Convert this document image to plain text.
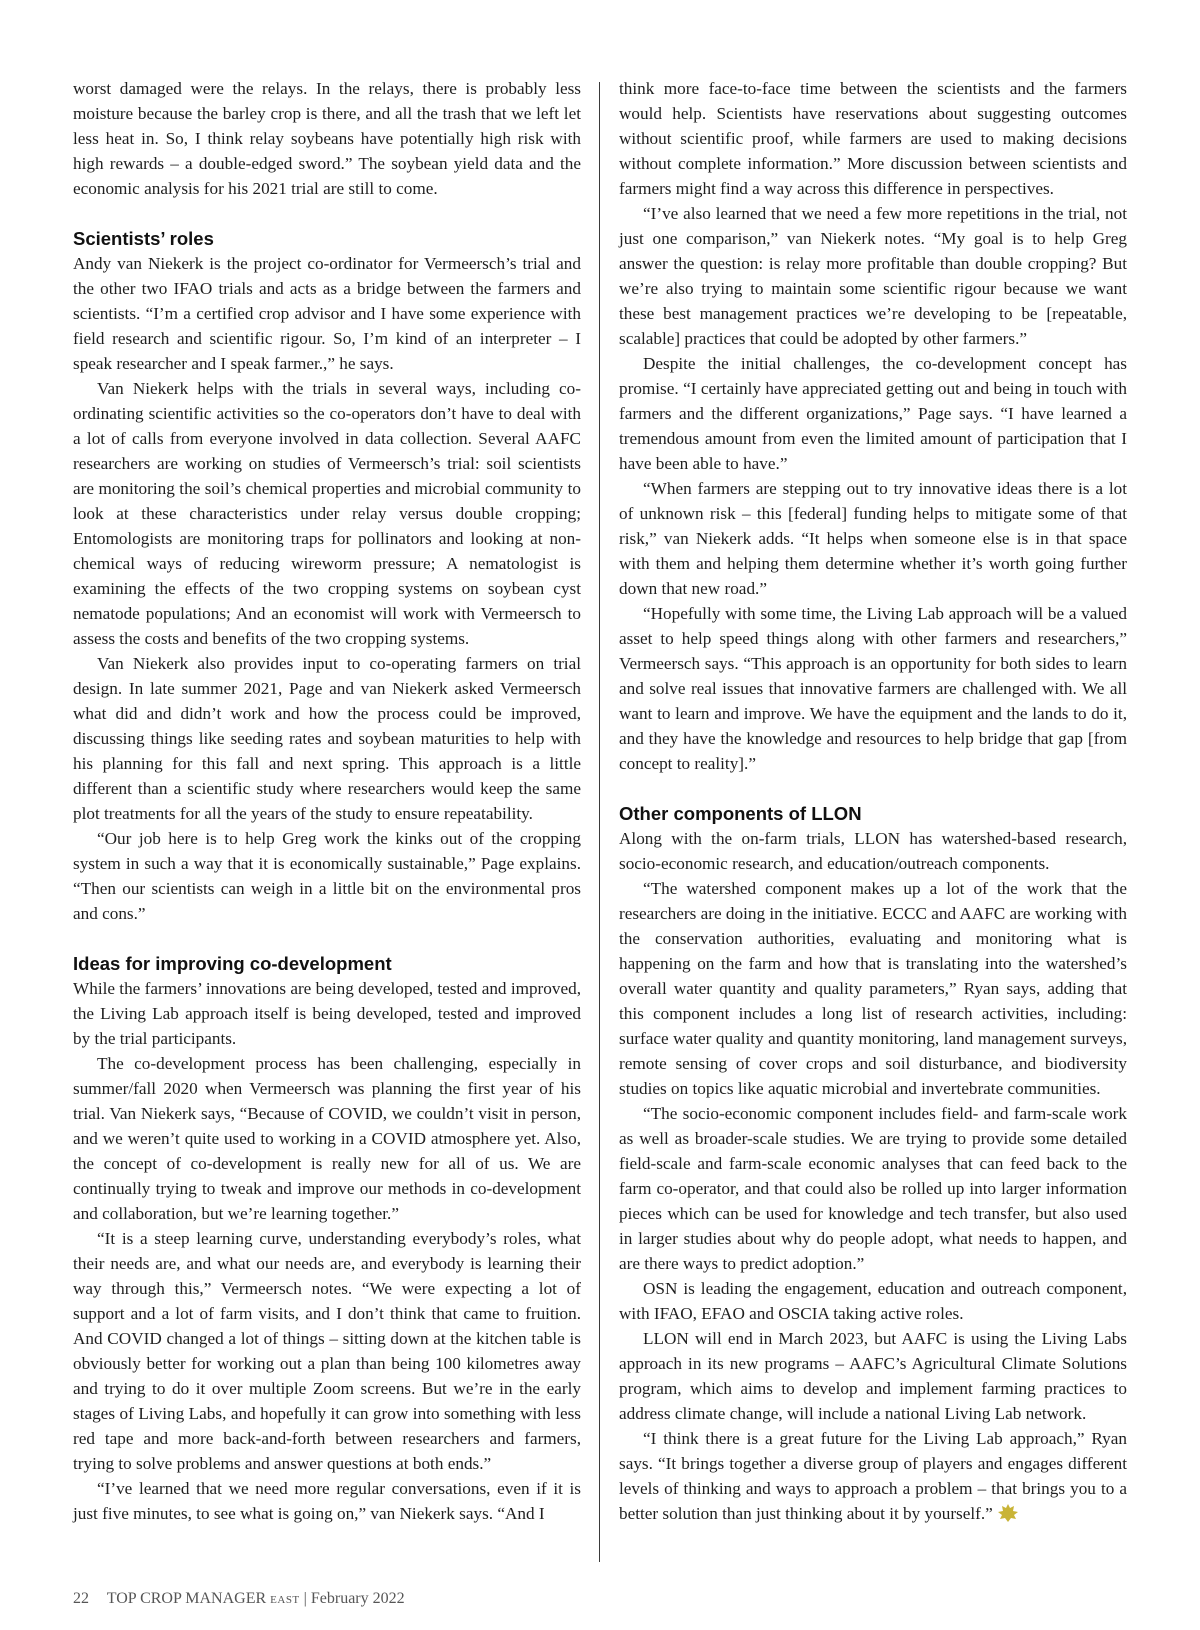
worst damaged were the relays. In the relays, there is probably less moisture because the barley crop is there, and all the trash that we left let less heat in. So, I think relay soybeans have potentially high risk with high rewards – a double-edged sword.” The soybean yield data and the economic analysis for his 2021 trial are still to come.

Scientists’ roles

Andy van Niekerk is the project co-ordinator for Vermeersch’s trial and the other two IFAO trials and acts as a bridge between the farmers and scientists. “I’m a certified crop advisor and I have some experience with field research and scientific rigour. So, I’m kind of an interpreter – I speak researcher and I speak farmer.,” he says.

Van Niekerk helps with the trials in several ways, including co-ordinating scientific activities so the co-operators don’t have to deal with a lot of calls from everyone involved in data collection. Several AAFC researchers are working on studies of Vermeersch’s trial: soil scientists are monitoring the soil’s chemical properties and microbial community to look at these characteristics under relay versus double cropping; Entomologists are monitoring traps for pollinators and looking at non-chemical ways of reducing wireworm pressure; A nematologist is examining the effects of the two cropping systems on soybean cyst nematode populations; And an economist will work with Vermeersch to assess the costs and benefits of the two cropping systems.

Van Niekerk also provides input to co-operating farmers on trial design. In late summer 2021, Page and van Niekerk asked Vermeersch what did and didn’t work and how the process could be improved, discussing things like seeding rates and soybean maturities to help with his planning for this fall and next spring. This approach is a little different than a scientific study where researchers would keep the same plot treatments for all the years of the study to ensure repeatability.

“Our job here is to help Greg work the kinks out of the cropping system in such a way that it is economically sustainable,” Page explains. “Then our scientists can weigh in a little bit on the environmental pros and cons.”

Ideas for improving co-development

While the farmers’ innovations are being developed, tested and improved, the Living Lab approach itself is being developed, tested and improved by the trial participants.

The co-development process has been challenging, especially in summer/fall 2020 when Vermeersch was planning the first year of his trial. Van Niekerk says, “Because of COVID, we couldn’t visit in person, and we weren’t quite used to working in a COVID atmosphere yet. Also, the concept of co-development is really new for all of us. We are continually trying to tweak and improve our methods in co-development and collaboration, but we’re learning together.”

“It is a steep learning curve, understanding everybody’s roles, what their needs are, and what our needs are, and everybody is learning their way through this,” Vermeersch notes. “We were expecting a lot of support and a lot of farm visits, and I don’t think that came to fruition. And COVID changed a lot of things – sitting down at the kitchen table is obviously better for working out a plan than being 100 kilometres away and trying to do it over multiple Zoom screens. But we’re in the early stages of Living Labs, and hopefully it can grow into something with less red tape and more back-and-forth between researchers and farmers, trying to solve problems and answer questions at both ends.”

“I’ve learned that we need more regular conversations, even if it is just five minutes, to see what is going on,” van Niekerk says. “And I

think more face-to-face time between the scientists and the farmers would help. Scientists have reservations about suggesting outcomes without scientific proof, while farmers are used to making decisions without complete information.” More discussion between scientists and farmers might find a way across this difference in perspectives.

“I’ve also learned that we need a few more repetitions in the trial, not just one comparison,” van Niekerk notes. “My goal is to help Greg answer the question: is relay more profitable than double cropping? But we’re also trying to maintain some scientific rigour because we want these best management practices we’re developing to be [repeatable, scalable] practices that could be adopted by other farmers.”

Despite the initial challenges, the co-development concept has promise. “I certainly have appreciated getting out and being in touch with farmers and the different organizations,” Page says. “I have learned a tremendous amount from even the limited amount of participation that I have been able to have.”

“When farmers are stepping out to try innovative ideas there is a lot of unknown risk – this [federal] funding helps to mitigate some of that risk,” van Niekerk adds. “It helps when someone else is in that space with them and helping them determine whether it’s worth going further down that new road.”

“Hopefully with some time, the Living Lab approach will be a valued asset to help speed things along with other farmers and researchers,” Vermeersch says. “This approach is an opportunity for both sides to learn and solve real issues that innovative farmers are challenged with. We all want to learn and improve. We have the equipment and the lands to do it, and they have the knowledge and resources to help bridge that gap [from concept to reality].”

Other components of LLON

Along with the on-farm trials, LLON has watershed-based research, socio-economic research, and education/outreach components.

“The watershed component makes up a lot of the work that the researchers are doing in the initiative. ECCC and AAFC are working with the conservation authorities, evaluating and monitoring what is happening on the farm and how that is translating into the watershed’s overall water quantity and quality parameters,” Ryan says, adding that this component includes a long list of research activities, including: surface water quality and quantity monitoring, land management surveys, remote sensing of cover crops and soil disturbance, and biodiversity studies on topics like aquatic microbial and invertebrate communities.

“The socio-economic component includes field- and farm-scale work as well as broader-scale studies. We are trying to provide some detailed field-scale and farm-scale economic analyses that can feed back to the farm co-operator, and that could also be rolled up into larger information pieces which can be used for knowledge and tech transfer, but also used in larger studies about why do people adopt, what needs to happen, and are there ways to predict adoption.”

OSN is leading the engagement, education and outreach component, with IFAO, EFAO and OSCIA taking active roles.

LLON will end in March 2023, but AAFC is using the Living Labs approach in its new programs – AAFC’s Agricultural Climate Solutions program, which aims to develop and implement farming practices to address climate change, will include a national Living Lab network.

“I think there is a great future for the Living Lab approach,” Ryan says. “It brings together a diverse group of players and engages different levels of thinking and ways to approach a problem – that brings you to a better solution than just thinking about it by yourself.”

22 TOP CROP MANAGER EAST | February 2022
